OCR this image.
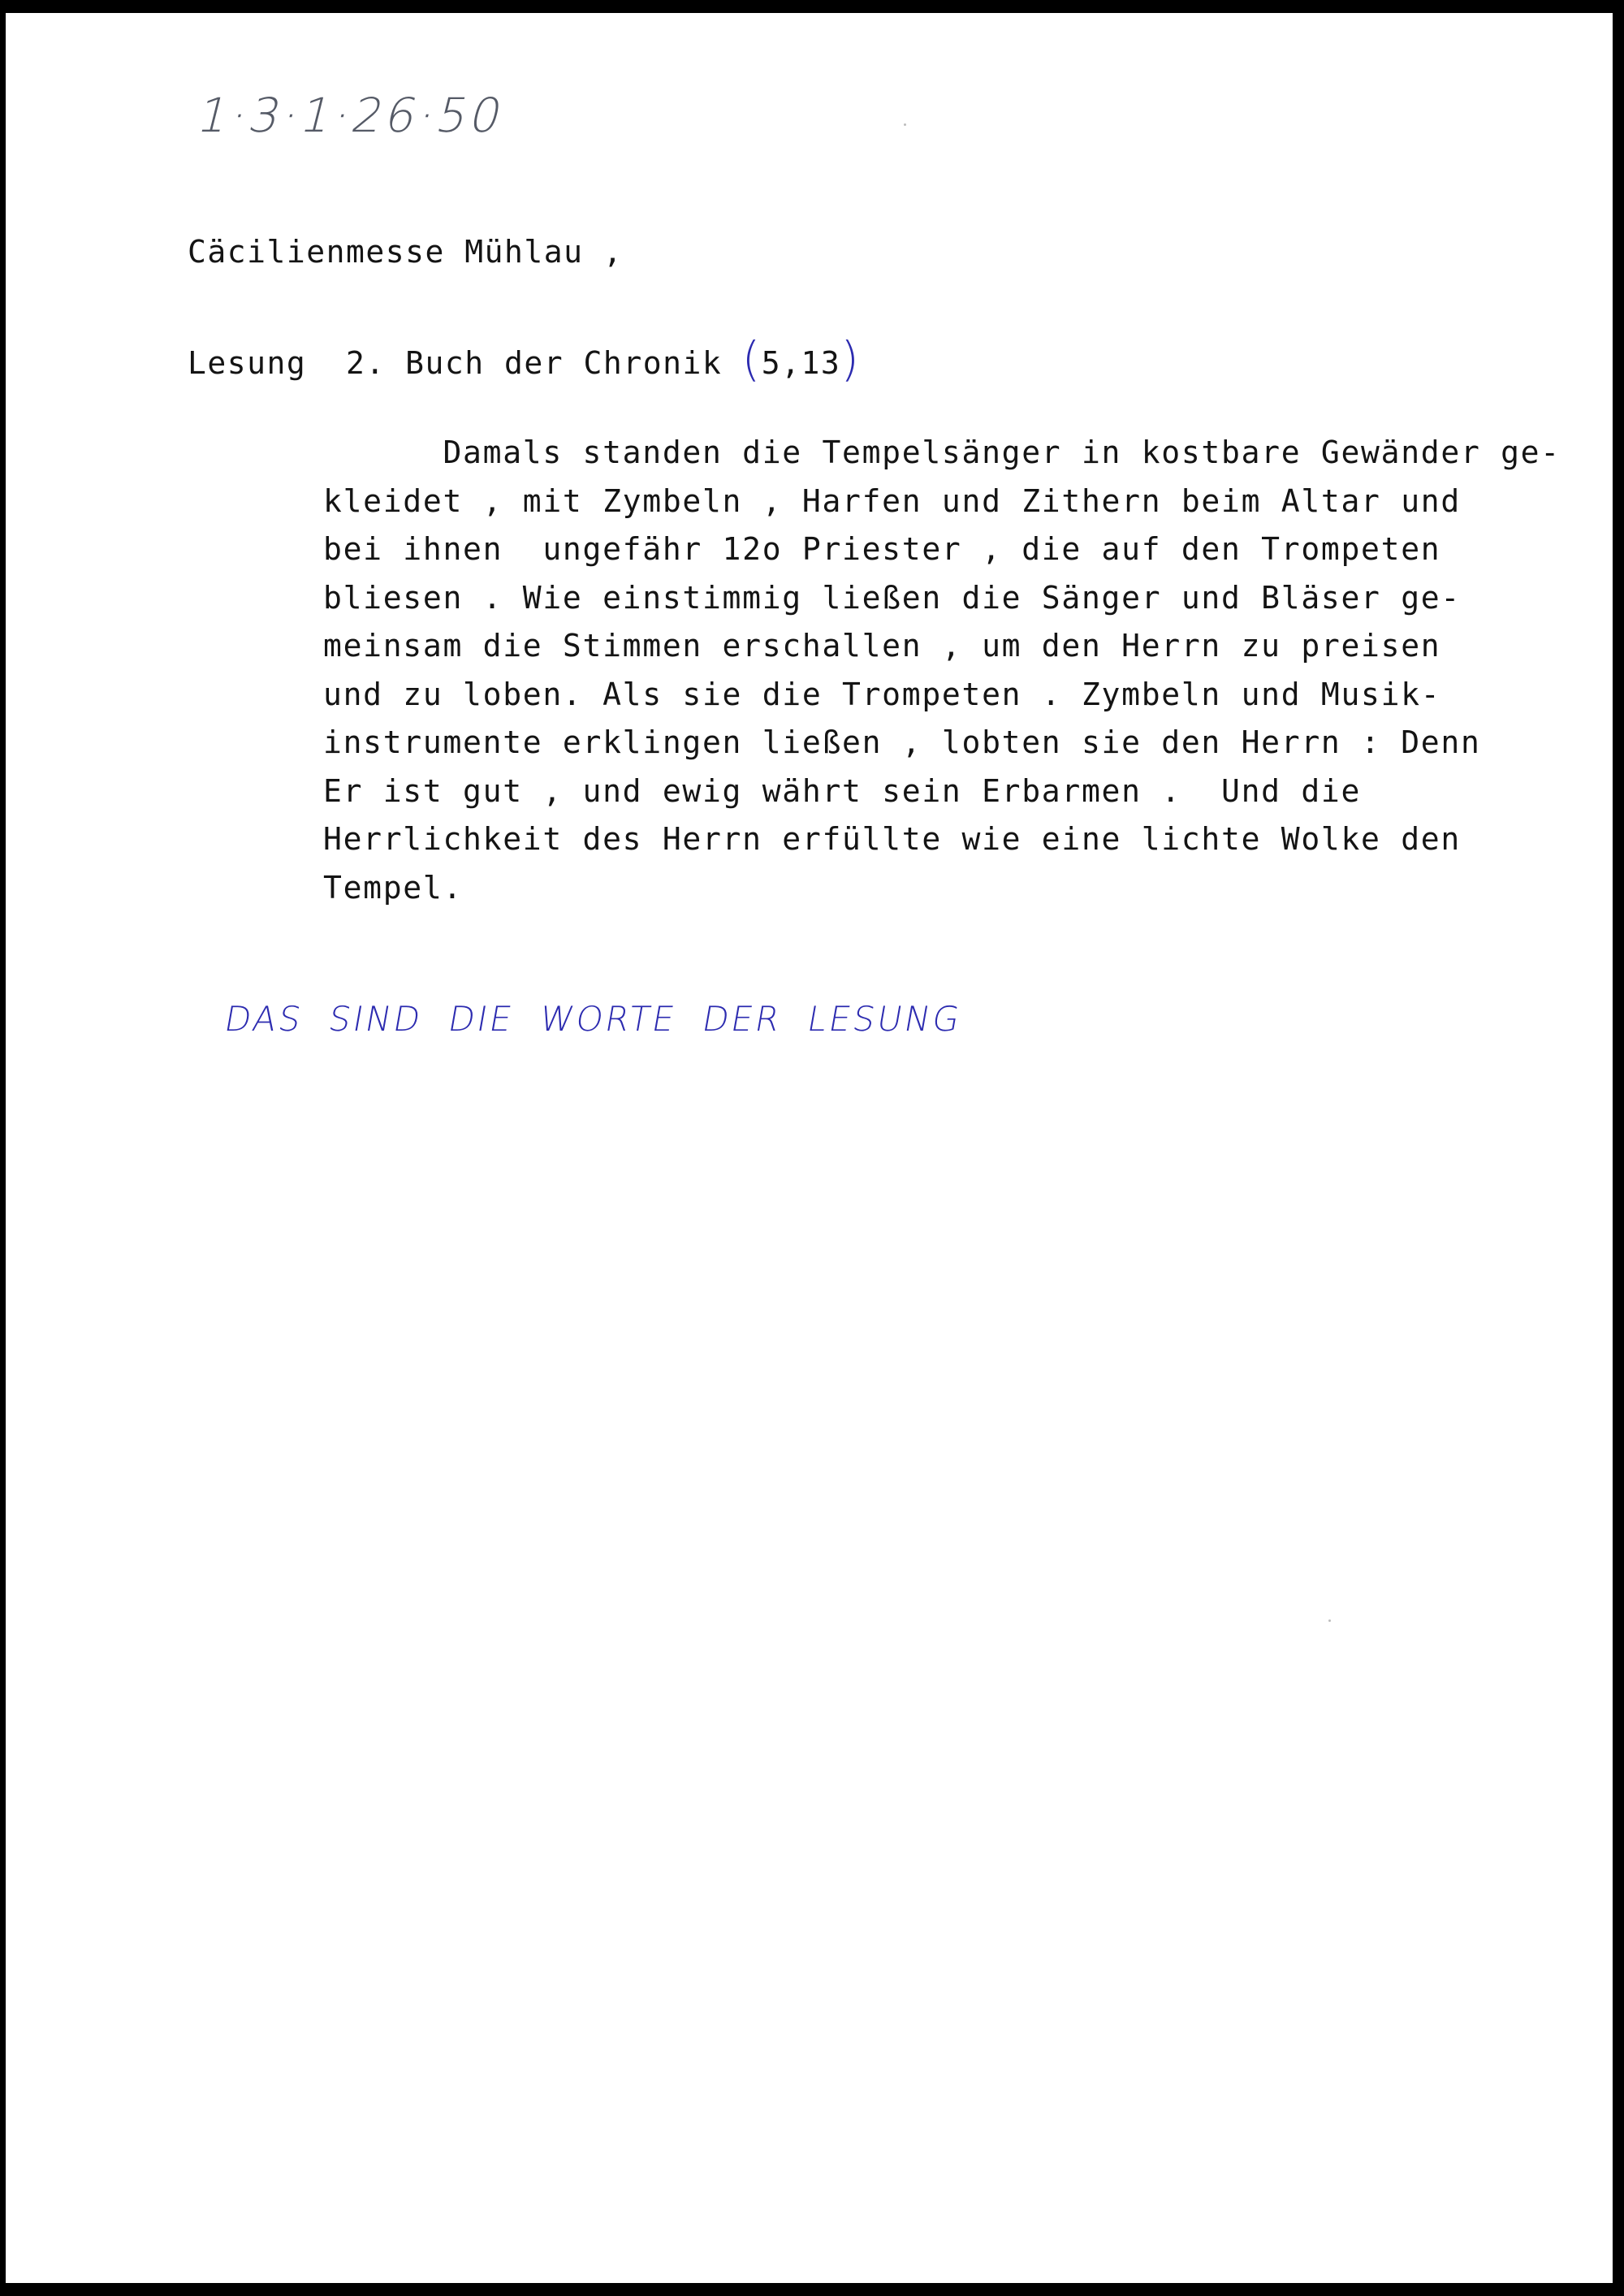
1·3·1·26·50
Cäcilienmesse Mühlau ,
Lesung  2. Buch der Chronik (5,13)
Damals standen die Tempelsänger in kostbare Gewänder ge-
kleidet , mit Zymbeln , Harfen und Zithern beim Altar und
bei ihnen  ungefähr 12o Priester , die auf den Trompeten
bliesen . Wie einstimmig ließen die Sänger und Bläser ge-
meinsam die Stimmen erschallen , um den Herrn zu preisen
und zu loben. Als sie die Trompeten . Zymbeln und Musik-
instrumente erklingen ließen , lobten sie den Herrn : Denn
Er ist gut , und ewig währt sein Erbarmen .  Und die
Herrlichkeit des Herrn erfüllte wie eine lichte Wolke den
Tempel.
DAS SIND DIE WORTE DER LESUNG
